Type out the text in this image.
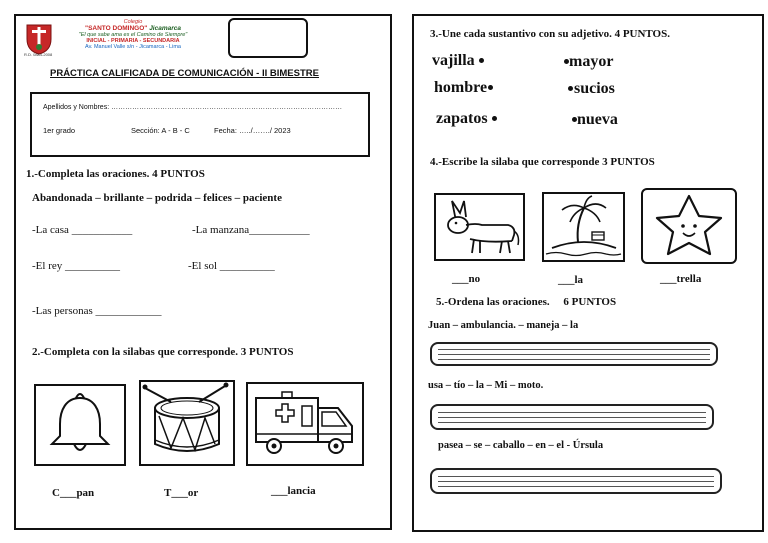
Colegio
"SANTO DOMINGO" Jicamarca
"El que sabe ama es el Camino de Siempre"
INICIAL - PRIMARIA - SECUNDARIA
Av. Manuel Valle s/n - Jicamarca - Lima
R.D. 0884-2008
PRÁCTICA CALIFICADA DE COMUNICACIÓN - II BIMESTRE
Apellidos y Nombres: ………………………………………………………………………………………
1er grado	Sección: A - B - C	Fecha: …../……./ 2023
1.-Completa las oraciones. 4 PUNTOS
Abandonada – brillante – podrida – felices – paciente
-La casa ___________	-La manzana___________
-El rey __________	-El sol __________
-Las personas ____________
2.-Completa con la silabas que corresponde. 3 PUNTOS
C___pan	T___or	___lancia
3.-Une cada sustantivo con su adjetivo. 4 PUNTOS.
vajilla
hombre
zapatos
mayor
sucios
nueva
4.-Escribe la silaba que corresponde 3 PUNTOS
___no	___la	___trella
5.-Ordena las oraciones.     6 PUNTOS
Juan – ambulancia. – maneja – la
usa – tío – la – Mi – moto.
pasea – se – caballo – en – el - Úrsula
